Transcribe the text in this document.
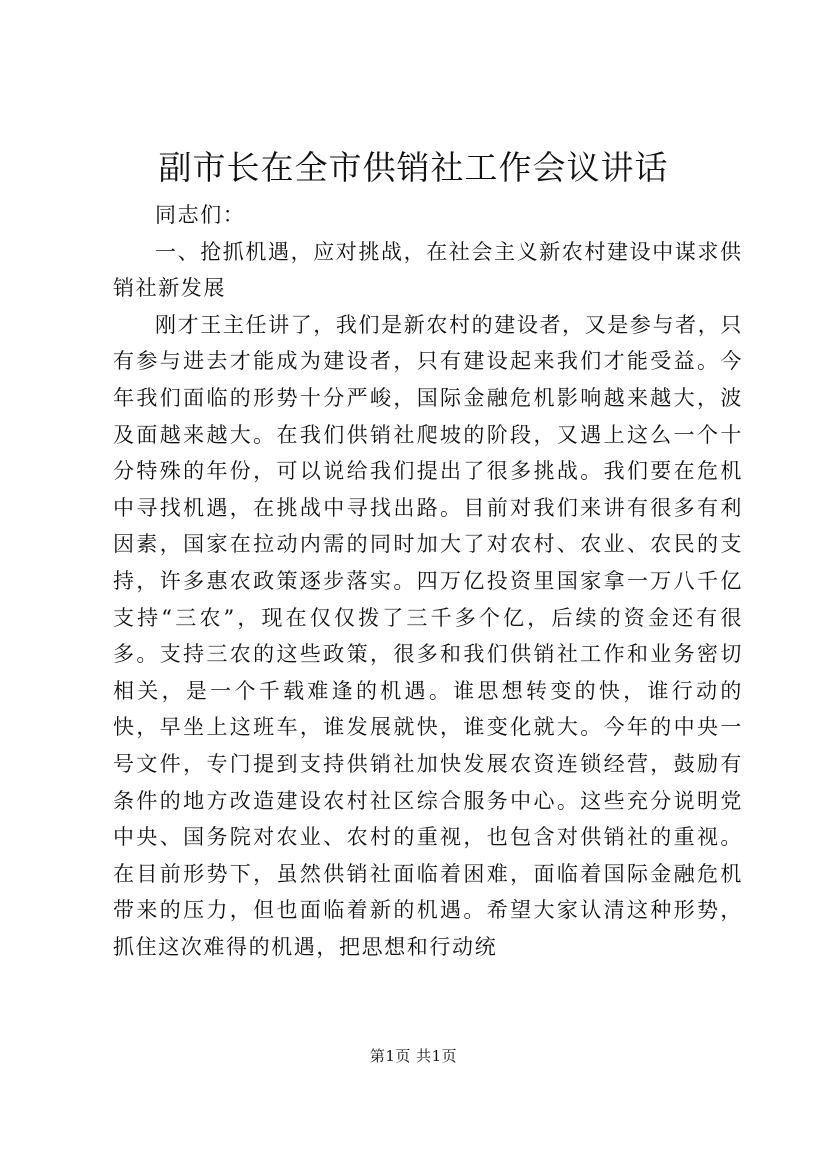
副市长在全市供销社工作会议讲话

同志们：

一、抢抓机遇，应对挑战，在社会主义新农村建设中谋求供销社新发展

刚才王主任讲了，我们是新农村的建设者，又是参与者，只有参与进去才能成为建设者，只有建设起来我们才能受益。今年我们面临的形势十分严峻，国际金融危机影响越来越大，波及面越来越大。在我们供销社爬坡的阶段，又遇上这么一个十分特殊的年份，可以说给我们提出了很多挑战。我们要在危机中寻找机遇，在挑战中寻找出路。目前对我们来讲有很多有利因素，国家在拉动内需的同时加大了对农村、农业、农民的支持，许多惠农政策逐步落实。四万亿投资里国家拿一万八千亿支持“三农”，现在仅仅拨了三千多个亿，后续的资金还有很多。支持三农的这些政策，很多和我们供销社工作和业务密切相关，是一个千载难逢的机遇。谁思想转变的快，谁行动的快，早坐上这班车，谁发展就快，谁变化就大。今年的中央一号文件，专门提到支持供销社加快发展农资连锁经营，鼓励有条件的地方改造建设农村社区综合服务中心。这些充分说明党中央、国务院对农业、农村的重视，也包含对供销社的重视。在目前形势下，虽然供销社面临着困难，面临着国际金融危机带来的压力，但也面临着新的机遇。希望大家认清这种形势，抓住这次难得的机遇，把思想和行动统

第1页 共1页
